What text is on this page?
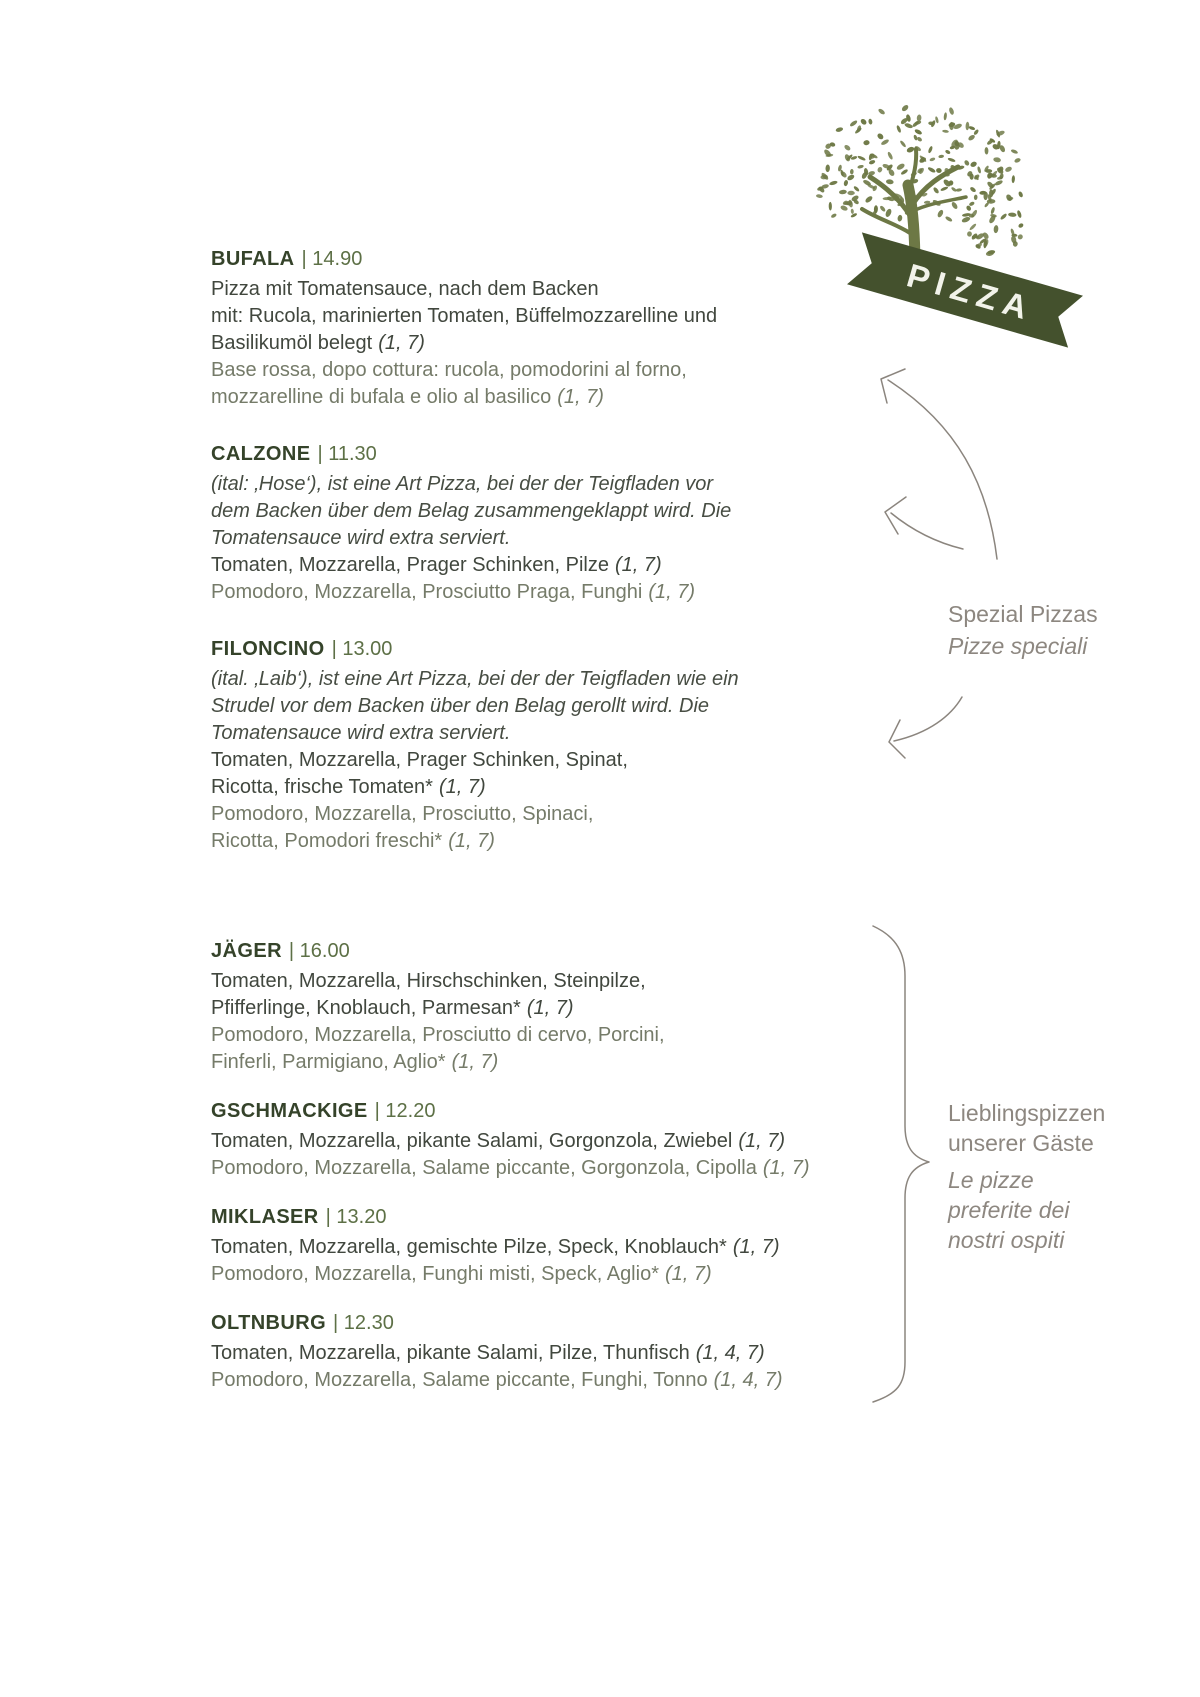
PIZZA
BUFALA | 14.90
Pizza mit Tomatensauce, nach dem Backen
mit: Rucola, marinierten Tomaten, Büffelmozzarelline und
Basilikumöl belegt (1, 7)
Base rossa, dopo cottura: rucola, pomodorini al forno,
mozzarelline di bufala e olio al basilico (1, 7)
CALZONE | 11.30
(ital: ‚Hose‘), ist eine Art Pizza, bei der der Teigfladen vor
dem Backen über dem Belag zusammengeklappt wird. Die
Tomatensauce wird extra serviert.
Tomaten, Mozzarella, Prager Schinken, Pilze (1, 7)
Pomodoro, Mozzarella, Prosciutto Praga, Funghi (1, 7)
FILONCINO | 13.00
(ital. ‚Laib‘), ist eine Art Pizza, bei der der Teigfladen wie ein
Strudel vor dem Backen über den Belag gerollt wird. Die
Tomatensauce wird extra serviert.
Tomaten, Mozzarella, Prager Schinken, Spinat,
Ricotta, frische Tomaten* (1, 7)
Pomodoro, Mozzarella, Prosciutto, Spinaci,
Ricotta, Pomodori freschi* (1, 7)
JÄGER | 16.00
Tomaten, Mozzarella, Hirschschinken, Steinpilze,
Pfifferlinge, Knoblauch, Parmesan* (1, 7)
Pomodoro, Mozzarella, Prosciutto di cervo, Porcini,
Finferli, Parmigiano, Aglio* (1, 7)
GSCHMACKIGE | 12.20
Tomaten, Mozzarella, pikante Salami, Gorgonzola, Zwiebel (1, 7)
Pomodoro, Mozzarella, Salame piccante, Gorgonzola, Cipolla (1, 7)
MIKLASER | 13.20
Tomaten, Mozzarella, gemischte Pilze, Speck, Knoblauch* (1, 7)
Pomodoro, Mozzarella, Funghi misti, Speck, Aglio* (1, 7)
OLTNBURG | 12.30
Tomaten, Mozzarella, pikante Salami, Pilze, Thunfisch (1, 4, 7)
Pomodoro, Mozzarella, Salame piccante, Funghi, Tonno (1, 4, 7)
Spezial Pizzas
Pizze speciali
Lieblingspizzen
unserer Gäste
Le pizze
preferite dei
nostri ospiti
